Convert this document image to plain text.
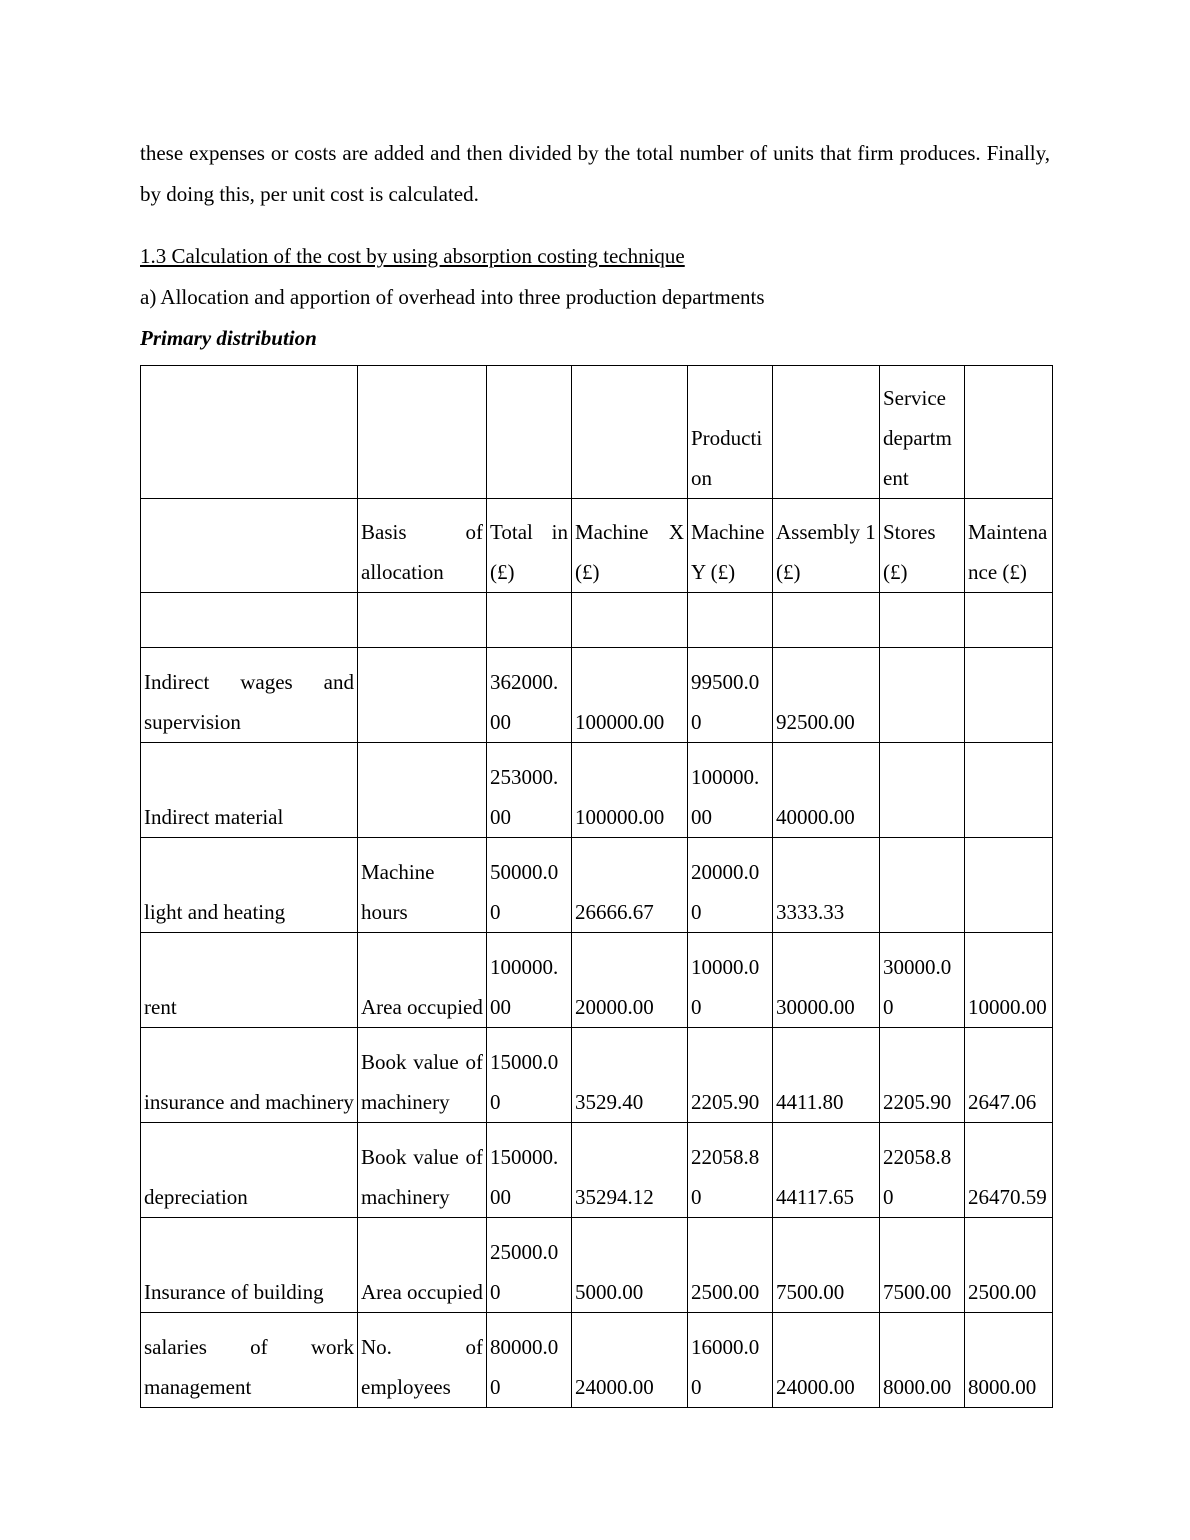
these expenses or costs are added and then divided by the total number of units that firm produces. Finally, by doing this, per unit cost is calculated.

1.3 Calculation of the cost by using absorption costing technique

a) Allocation and apportion of overhead into three production departments

Primary distribution

				Production		Service department	
	Basis of allocation	Total in (£)	Machine X (£)	Machine Y (£)	Assembly 1 (£)	Stores (£)	Maintenance (£)

Indirect wages and supervision		362000.00	100000.00	99500.00	92500.00		
Indirect material		253000.00	100000.00	100000.00	40000.00		
light and heating	Machine hours	50000.00	26666.67	20000.00	3333.33		
rent	Area occupied	100000.00	20000.00	10000.00	30000.00	30000.00	10000.00
insurance and machinery	Book value of machinery	15000.00	3529.40	2205.90	4411.80	2205.90	2647.06
depreciation	Book value of machinery	150000.00	35294.12	22058.80	44117.65	22058.80	26470.59
Insurance of building	Area occupied	25000.00	5000.00	2500.00	7500.00	7500.00	2500.00
salaries of work management	No. of employees	80000.00	24000.00	16000.00	24000.00	8000.00	8000.00
